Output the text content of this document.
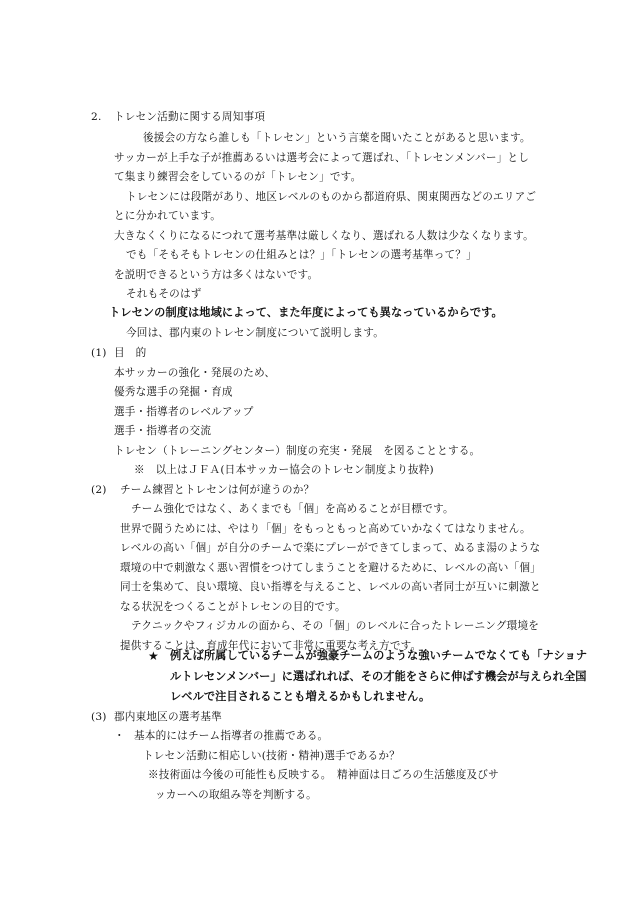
2. トレセン活動に関する周知事項
後援会の方なら誰しも「トレセン」という言葉を聞いたことがあると思います。
サッカーが上手な子が推薦あるいは選考会によって選ばれ、「トレセンメンバー」とし
て集まり練習会をしているのが「トレセン」です。
トレセンには段階があり、地区レベルのものから都道府県、関東関西などのエリアご
とに分かれています。
大きなくくりになるにつれて選考基準は厳しくなり、選ばれる人数は少なくなります。
でも「そもそもトレセンの仕組みとは？」「トレセンの選考基準って？」
を説明できるという方は多くはないです。
それもそのはず
トレセンの制度は地域によって、また年度によっても異なっているからです。
今回は、郡内東のトレセン制度について説明します。
(1) 目　的
本サッカーの強化・発展のため、
優秀な選手の発掘・育成
選手・指導者のレベルアップ
選手・指導者の交流
トレセン（トレーニングセンター）制度の充実・発展　を図ることとする。
※　以上はＪＦＡ(日本サッカー協会のトレセン制度より抜粋)
(2) チーム練習とトレセンは何が違うのか？
チーム強化ではなく、あくまでも「個」を高めることが目標です。
世界で闘うためには、やはり「個」をもっともっと高めていかなくてはなりません。
レベルの高い「個」が自分のチームで楽にプレーができてしまって、ぬるま湯のような
環境の中で刺激なく悪い習慣をつけてしまうことを避けるために、レベルの高い「個」
同士を集めて、良い環境、良い指導を与えること、レベルの高い者同士が互いに刺激と
なる状況をつくることがトレセンの目的です。
テクニックやフィジカルの面から、その「個」のレベルに合ったトレーニング環境を
提供することは、育成年代において非常に重要な考え方です。
★ 例えば所属しているチームが強豪チームのような強いチームでなくても「ナショナ
ルトレセンメンバー」に選ばれれば、その才能をさらに伸ばす機会が与えられ全国
レベルで注目されることも増えるかもしれません。
(3) 郡内東地区の選考基準
・ 基本的にはチーム指導者の推薦である。
トレセン活動に相応しい(技術・精神)選手であるか？
※技術面は今後の可能性も反映する。　精神面は日ごろの生活態度及びサ
ッカーへの取組み等を判断する。
